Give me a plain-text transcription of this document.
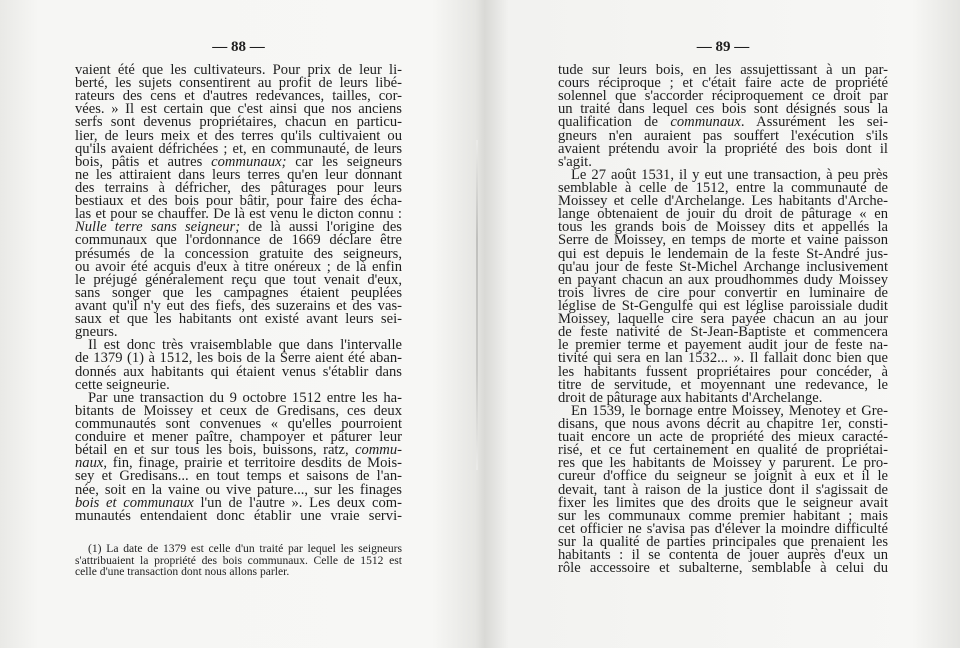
— 88 —
vaient été que les cultivateurs. Pour prix de leur li-
berté, les sujets consentirent au profit de leurs libé-
rateurs des cens et d'autres redevances, tailles, cor-
vées. » Il est certain que c'est ainsi que nos anciens
serfs sont devenus propriétaires, chacun en particu-
lier, de leurs meix et des terres qu'ils cultivaient ou
qu'ils avaient défrichées ; et, en communauté, de leurs
bois, pâtis et autres communaux; car les seigneurs
ne les attiraient dans leurs terres qu'en leur donnant
des terrains à défricher, des pâturages pour leurs
bestiaux et des bois pour bâtir, pour faire des écha-
las et pour se chauffer. De là est venu le dicton connu :
Nulle terre sans seigneur; de là aussi l'origine des
communaux que l'ordonnance de 1669 déclare être
présumés de la concession gratuite des seigneurs,
ou avoir été acquis d'eux à titre onéreux ; de là enfin
le préjugé généralement reçu que tout venait d'eux,
sans songer que les campagnes étaient peuplées
avant qu'il n'y eut des fiefs, des suzerains et des vas-
saux et que les habitants ont existé avant leurs sei-
gneurs.
Il est donc très vraisemblable que dans l'intervalle
de 1379 (1) à 1512, les bois de la Serre aient été aban-
donnés aux habitants qui étaient venus s'établir dans
cette seigneurie.
Par une transaction du 9 octobre 1512 entre les ha-
bitants de Moissey et ceux de Gredisans, ces deux
communautés sont convenues « qu'elles pourroient
conduire et mener paître, champoyer et pâturer leur
bétail en et sur tous les bois, buissons, ratz, commu-
naux, fin, finage, prairie et territoire desdits de Mois-
sey et Gredisans... en tout temps et saisons de l'an-
née, soit en la vaine ou vive pature..., sur les finages
bois et communaux l'un de l'autre ». Les deux com-
munautés entendaient donc établir une vraie servi-
(1) La date de 1379 est celle d'un traité par lequel les seigneurs
s'attribuaient la propriété des bois communaux. Celle de 1512 est
celle d'une transaction dont nous allons parler.
— 89 —
tude sur leurs bois, en les assujettissant à un par-
cours réciproque ; et c'était faire acte de propriété
solennel que s'accorder réciproquement ce droit par
un traité dans lequel ces bois sont désignés sous la
qualification de communaux. Assurément les sei-
gneurs n'en auraient pas souffert l'exécution s'ils
avaient prétendu avoir la propriété des bois dont il
s'agit.
Le 27 août 1531, il y eut une transaction, à peu près
semblable à celle de 1512, entre la communauté de
Moissey et celle d'Archelange. Les habitants d'Arche-
lange obtenaient de jouir du droit de pâturage « en
tous les grands bois de Moissey dits et appellés la
Serre de Moissey, en temps de morte et vaine paisson
qui est depuis le lendemain de la feste St-André jus-
qu'au jour de feste St-Michel Archange inclusivement
en payant chacun an aux proudhommes dudy Moissey
trois livres de cire pour convertir en luminaire de
léglise de St-Gengulfe qui est léglise paroissiale dudit
Moissey, laquelle cire sera payée chacun an au jour
de feste nativité de St-Jean-Baptiste et commencera
le premier terme et payement audit jour de feste na-
tivité qui sera en lan 1532... ». Il fallait donc bien que
les habitants fussent propriétaires pour concéder, à
titre de servitude, et moyennant une redevance, le
droit de pâturage aux habitants d'Archelange.
En 1539, le bornage entre Moissey, Menotey et Gre-
disans, que nous avons décrit au chapitre 1er, consti-
tuait encore un acte de propriété des mieux caracté-
risé, et ce fut certainement en qualité de propriétai-
res que les habitants de Moissey y parurent. Le pro-
cureur d'office du seigneur se joignit à eux et il le
devait, tant à raison de la justice dont il s'agissait de
fixer les limites que des droits que le seigneur avait
sur les communaux comme premier habitant ; mais
cet officier ne s'avisa pas d'élever la moindre difficulté
sur la qualité de parties principales que prenaient les
habitants : il se contenta de jouer auprès d'eux un
rôle accessoire et subalterne, semblable à celui du
